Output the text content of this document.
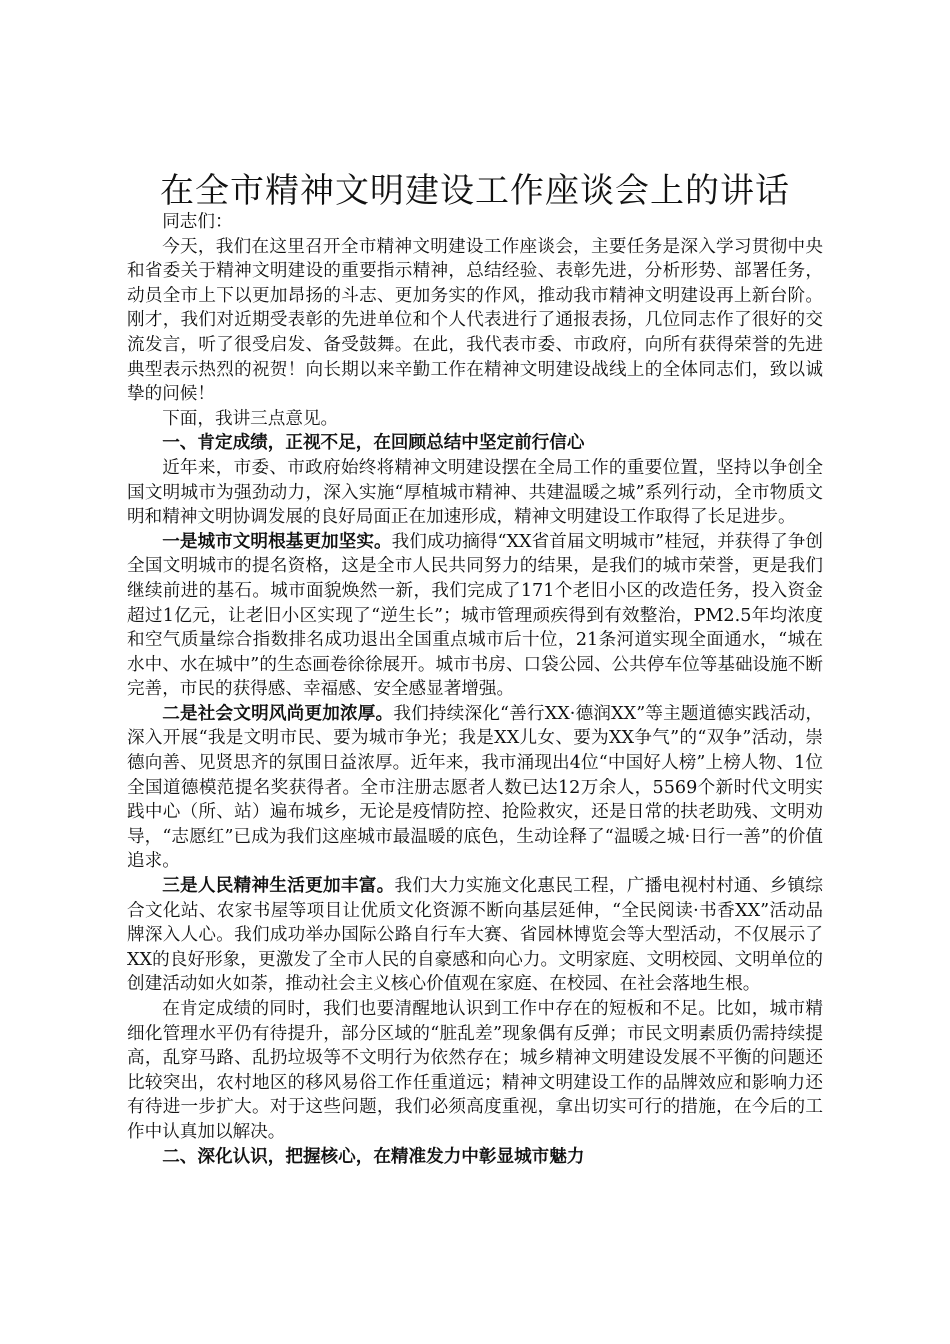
在全市精神文明建设工作座谈会上的讲话

同志们：

今天，我们在这里召开全市精神文明建设工作座谈会，主要任务是深入学习贯彻中央和省委关于精神文明建设的重要指示精神，总结经验、表彰先进，分析形势、部署任务，动员全市上下以更加昂扬的斗志、更加务实的作风，推动我市精神文明建设再上新台阶。刚才，我们对近期受表彰的先进单位和个人代表进行了通报表扬，几位同志作了很好的交流发言，听了很受启发、备受鼓舞。在此，我代表市委、市政府，向所有获得荣誉的先进典型表示热烈的祝贺！向长期以来辛勤工作在精神文明建设战线上的全体同志们，致以诚挚的问候！

下面，我讲三点意见。

一、肯定成绩，正视不足，在回顾总结中坚定前行信心

近年来，市委、市政府始终将精神文明建设摆在全局工作的重要位置，坚持以争创全国文明城市为强劲动力，深入实施“厚植城市精神、共建温暖之城”系列行动，全市物质文明和精神文明协调发展的良好局面正在加速形成，精神文明建设工作取得了长足进步。

一是城市文明根基更加坚实。我们成功摘得“XX省首届文明城市”桂冠，并获得了争创全国文明城市的提名资格，这是全市人民共同努力的结果，是我们的城市荣誉，更是我们继续前进的基石。城市面貌焕然一新，我们完成了171个老旧小区的改造任务，投入资金超过1亿元，让老旧小区实现了“逆生长”；城市管理顽疾得到有效整治，PM2.5年均浓度和空气质量综合指数排名成功退出全国重点城市后十位，21条河道实现全面通水，“城在水中、水在城中”的生态画卷徐徐展开。城市书房、口袋公园、公共停车位等基础设施不断完善，市民的获得感、幸福感、安全感显著增强。

二是社会文明风尚更加浓厚。我们持续深化“善行XX·德润XX”等主题道德实践活动，深入开展“我是文明市民、要为城市争光；我是XX儿女、要为XX争气”的“双争”活动，崇德向善、见贤思齐的氛围日益浓厚。近年来，我市涌现出4位“中国好人榜”上榜人物、1位全国道德模范提名奖获得者。全市注册志愿者人数已达12万余人，5569个新时代文明实践中心（所、站）遍布城乡，无论是疫情防控、抢险救灾，还是日常的扶老助残、文明劝导，“志愿红”已成为我们这座城市最温暖的底色，生动诠释了“温暖之城·日行一善”的价值追求。

三是人民精神生活更加丰富。我们大力实施文化惠民工程，广播电视村村通、乡镇综合文化站、农家书屋等项目让优质文化资源不断向基层延伸，“全民阅读·书香XX”活动品牌深入人心。我们成功举办国际公路自行车大赛、省园林博览会等大型活动，不仅展示了XX的良好形象，更激发了全市人民的自豪感和向心力。文明家庭、文明校园、文明单位的创建活动如火如荼，推动社会主义核心价值观在家庭、在校园、在社会落地生根。

在肯定成绩的同时，我们也要清醒地认识到工作中存在的短板和不足。比如，城市精细化管理水平仍有待提升，部分区域的“脏乱差”现象偶有反弹；市民文明素质仍需持续提高，乱穿马路、乱扔垃圾等不文明行为依然存在；城乡精神文明建设发展不平衡的问题还比较突出，农村地区的移风易俗工作任重道远；精神文明建设工作的品牌效应和影响力还有待进一步扩大。对于这些问题，我们必须高度重视，拿出切实可行的措施，在今后的工作中认真加以解决。

二、深化认识，把握核心，在精准发力中彰显城市魅力
